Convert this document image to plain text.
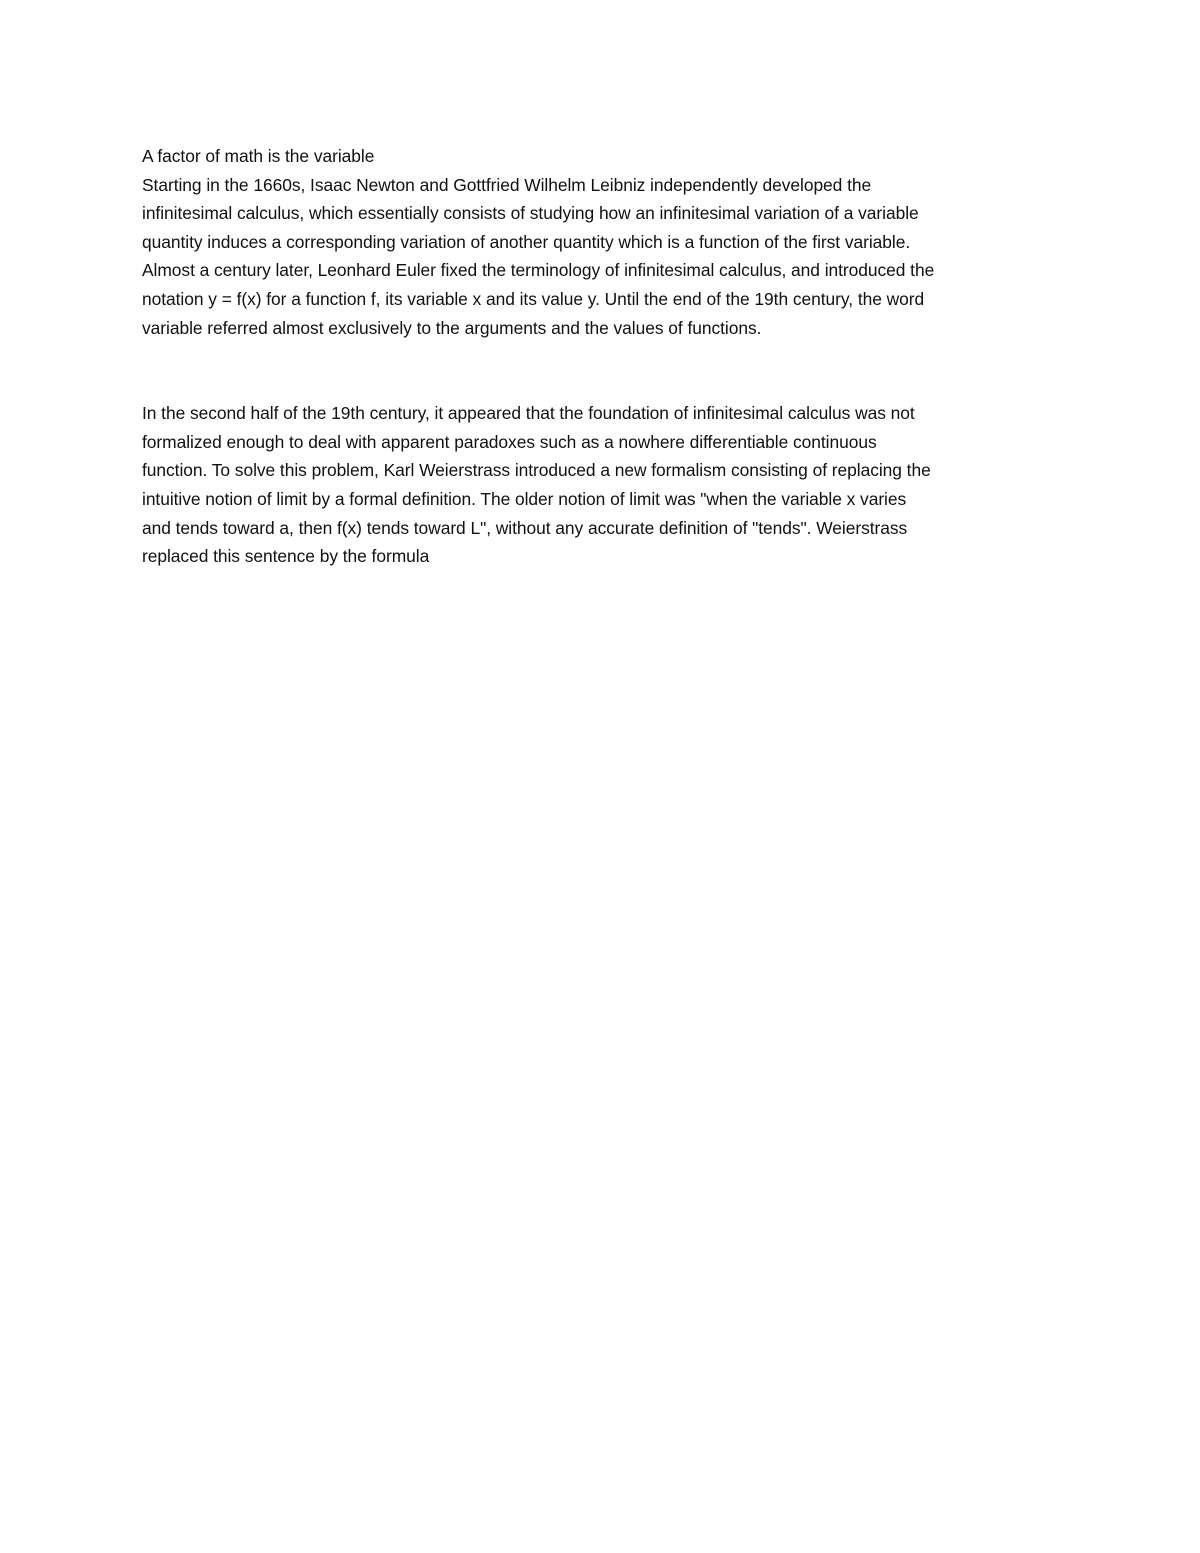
A factor of math is the variable

Starting in the 1660s, Isaac Newton and Gottfried Wilhelm Leibniz independently developed the
infinitesimal calculus, which essentially consists of studying how an infinitesimal variation of a variable
quantity induces a corresponding variation of another quantity which is a function of the first variable.
Almost a century later, Leonhard Euler fixed the terminology of infinitesimal calculus, and introduced the
notation y = f(x) for a function f, its variable x and its value y. Until the end of the 19th century, the word
variable referred almost exclusively to the arguments and the values of functions.

In the second half of the 19th century, it appeared that the foundation of infinitesimal calculus was not
formalized enough to deal with apparent paradoxes such as a nowhere differentiable continuous
function. To solve this problem, Karl Weierstrass introduced a new formalism consisting of replacing the
intuitive notion of limit by a formal definition. The older notion of limit was "when the variable x varies
and tends toward a, then f(x) tends toward L", without any accurate definition of "tends". Weierstrass
replaced this sentence by the formula
